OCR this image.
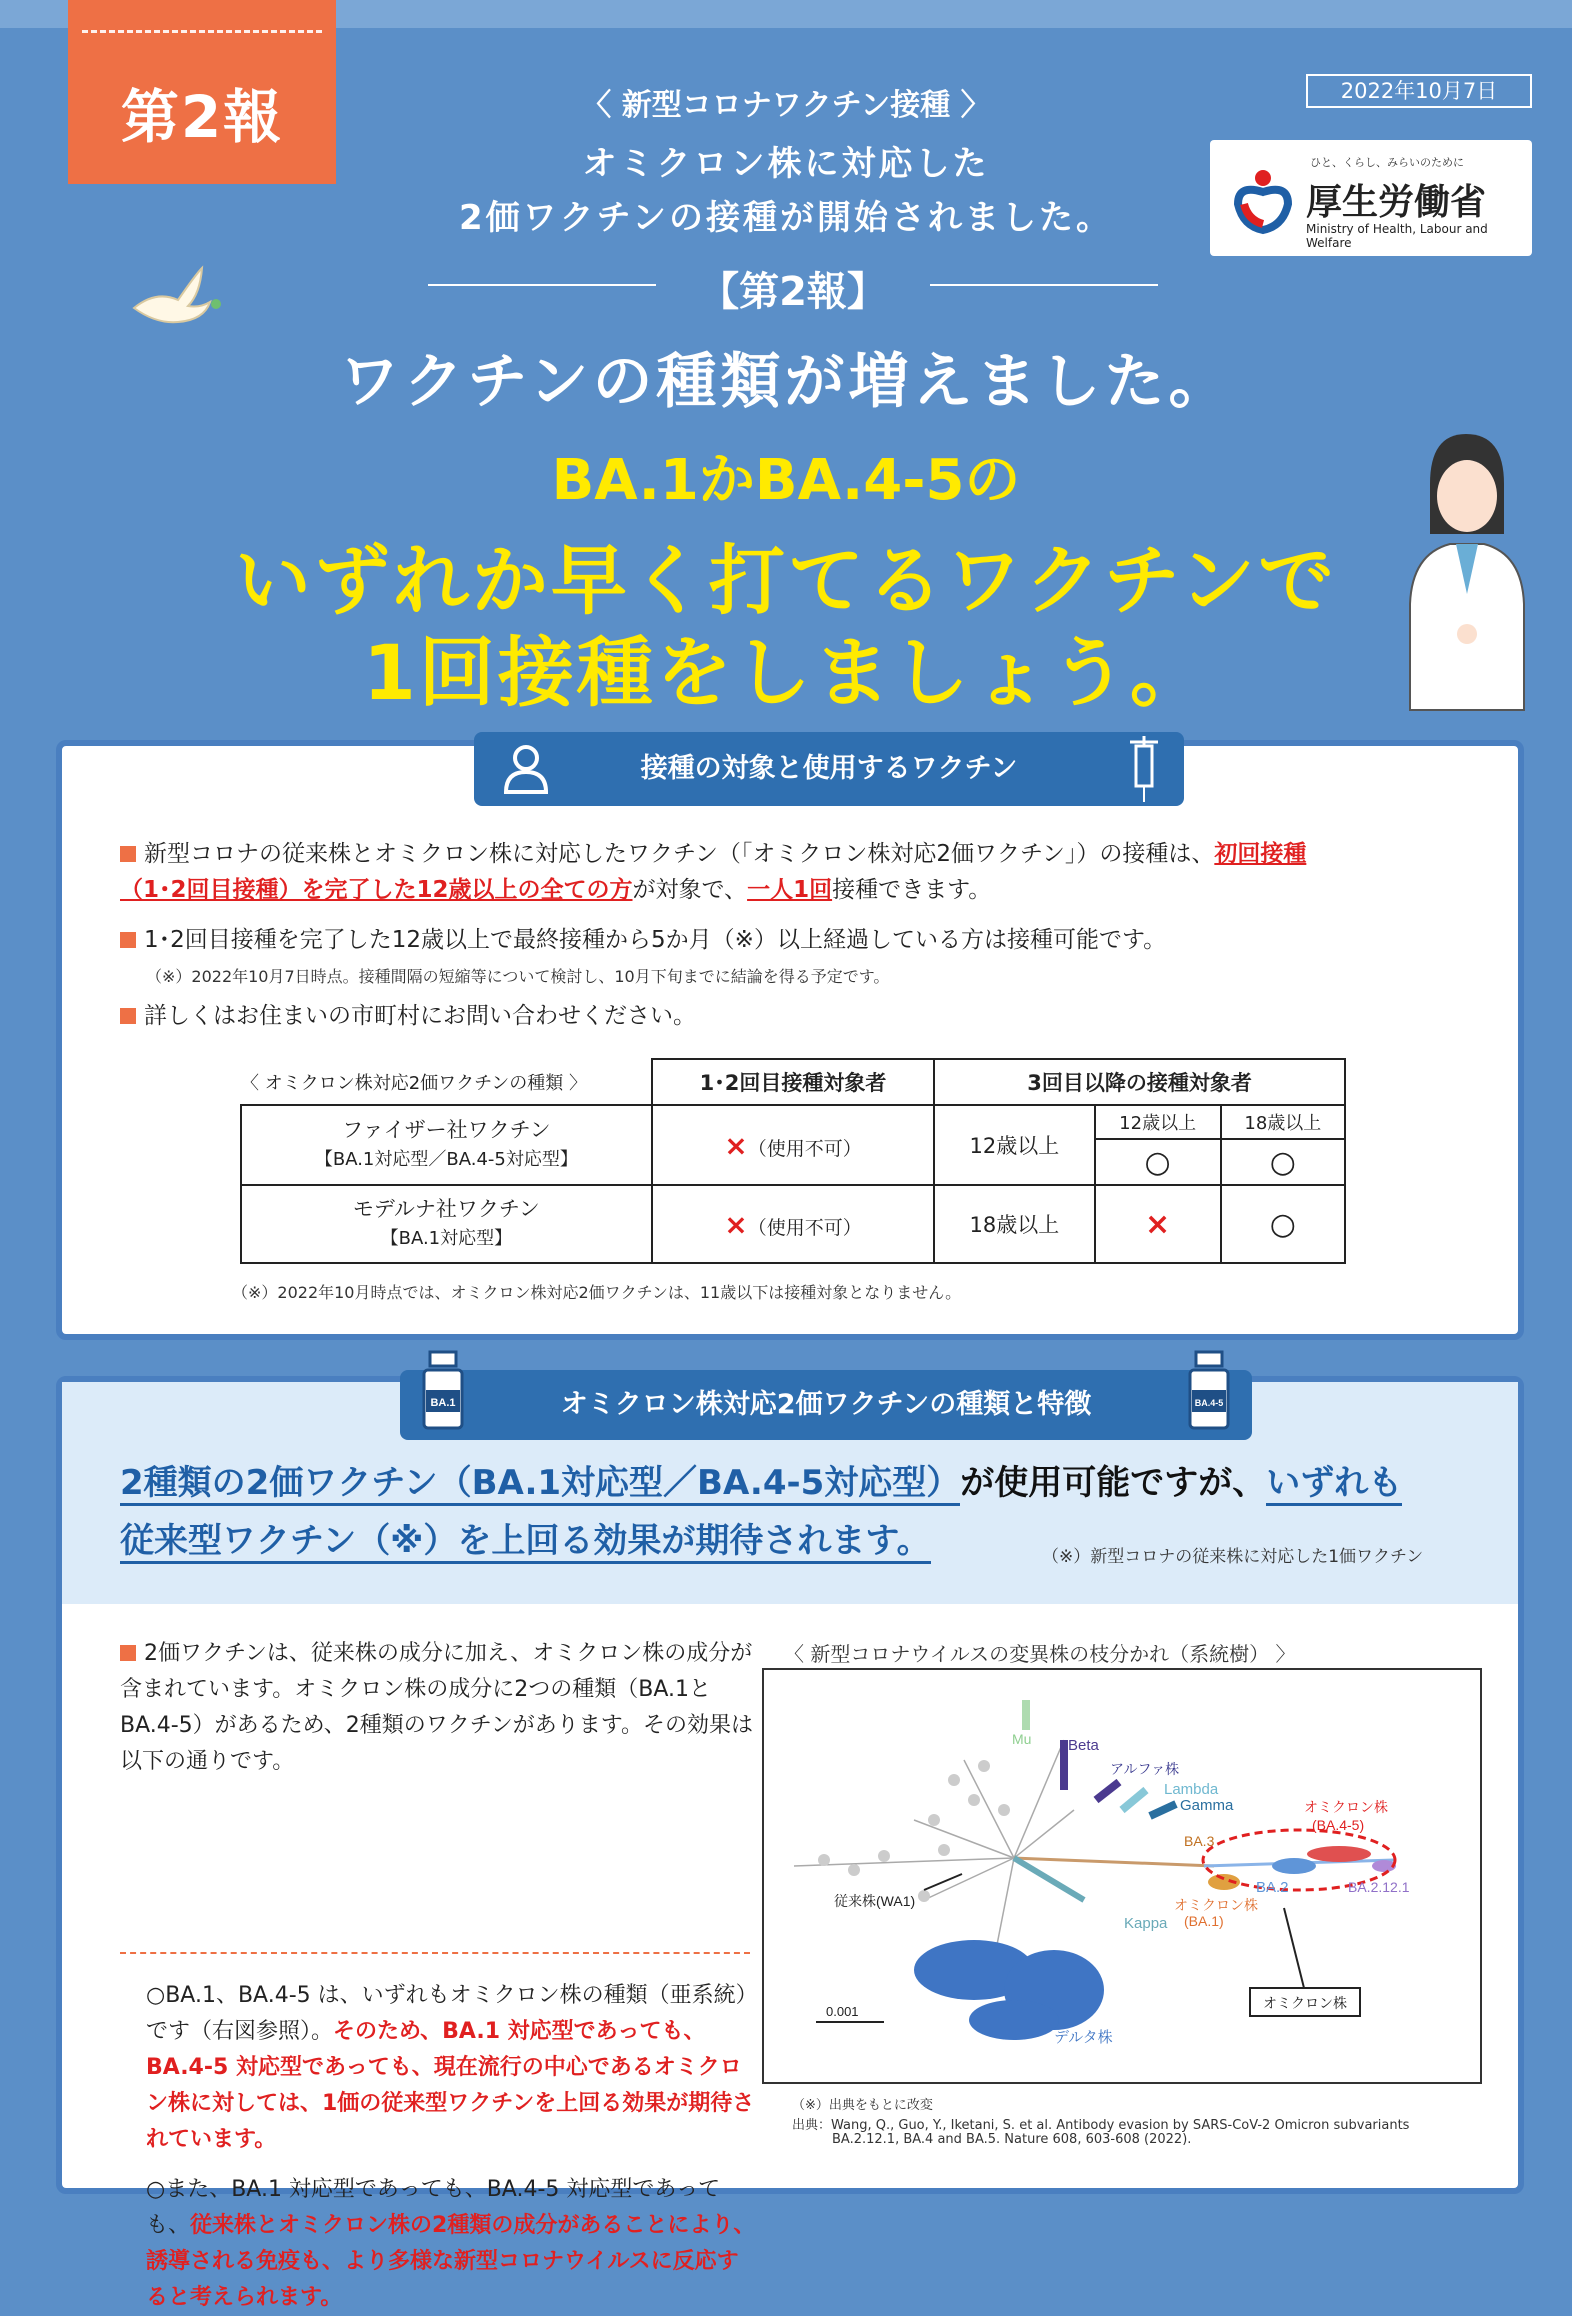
第2報	2022年10月7日
ひと、くらし、みらいのために
厚生労働省
Ministry of Health, Labour and Welfare
〈 新型コロナワクチン接種 〉
オミクロン株に対応した
2価ワクチンの接種が開始されました。
【第2報】
ワクチンの種類が増えました。
BA.1かBA.4-5の
いずれか早く打てるワクチンで
1回接種をしましょう。
接種の対象と使用するワクチン
新型コロナの従来株とオミクロン株に対応したワクチン（「オミクロン株対応2価ワクチン」）の接種は、初回接種
（1･2回目接種）を完了した12歳以上の全ての方が対象で、一人1回接種できます。
1･2回目接種を完了した12歳以上で最終接種から5か月（※）以上経過している方は接種可能です。
（※）2022年10月7日時点。接種間隔の短縮等について検討し、10月下旬までに結論を得る予定です。
詳しくはお住まいの市町村にお問い合わせください。
〈 オミクロン株対応2価ワクチンの種類 〉	1･2回目接種対象者	3回目以降の接種対象者		

ファイザー社ワクチン
【BA.1対応型／BA.4-5対応型】	×（使用不可）	12歳以上	12歳以上	18歳以上
			○	○

モデルナ社ワクチン
【BA.1対応型】	×（使用不可）	18歳以上	×	○
（※）2022年10月時点では、オミクロン株対応2価ワクチンは、11歳以下は接種対象となりません。
BA.1	オミクロン株対応2価ワクチンの種類と特徴	BA.4-5
2種類の2価ワクチン（BA.1対応型／BA.4-5対応型）が使用可能ですが、いずれも
従来型ワクチン（※）を上回る効果が期待されます。	（※）新型コロナの従来株に対応した1価ワクチン
2価ワクチンは、従来株の成分に加え、オミクロン株の成分が含まれています。オミクロン株の成分に2つの種類（BA.1とBA.4-5）があるため、2種類のワクチンがあります。その効果は以下の通りです。
○BA.1、BA.4-5 は、いずれもオミクロン株の種類（亜系統）です（右図参照）。そのため、BA.1 対応型であっても、BA.4-5 対応型であっても、現在流行の中心であるオミクロン株に対しては、1価の従来型ワクチンを上回る効果が期待されています。
○また、BA.1 対応型であっても、BA.4-5 対応型であっても、従来株とオミクロン株の2種類の成分があることにより、誘導される免疫も、より多様な新型コロナウイルスに反応すると考えられます。
〈 新型コロナウイルスの変異株の枝分かれ（系統樹） 〉
Mu Beta
アルファ株
Lambda
Gamma	オミクロン株
(BA.4-5)
BA.3
BA.2	BA.2.12.1
従来株(WA1)
Kappa
オミクロン株
(BA.1)
オミクロン株
0.001
デルタ株
（※）出典をもとに改変
出典：Wang, Q., Guo, Y., Iketani, S. et al. Antibody evasion by SARS-CoV-2 Omicron subvariants
BA.2.12.1, BA.4 and BA.5. Nature 608, 603-608 (2022).
